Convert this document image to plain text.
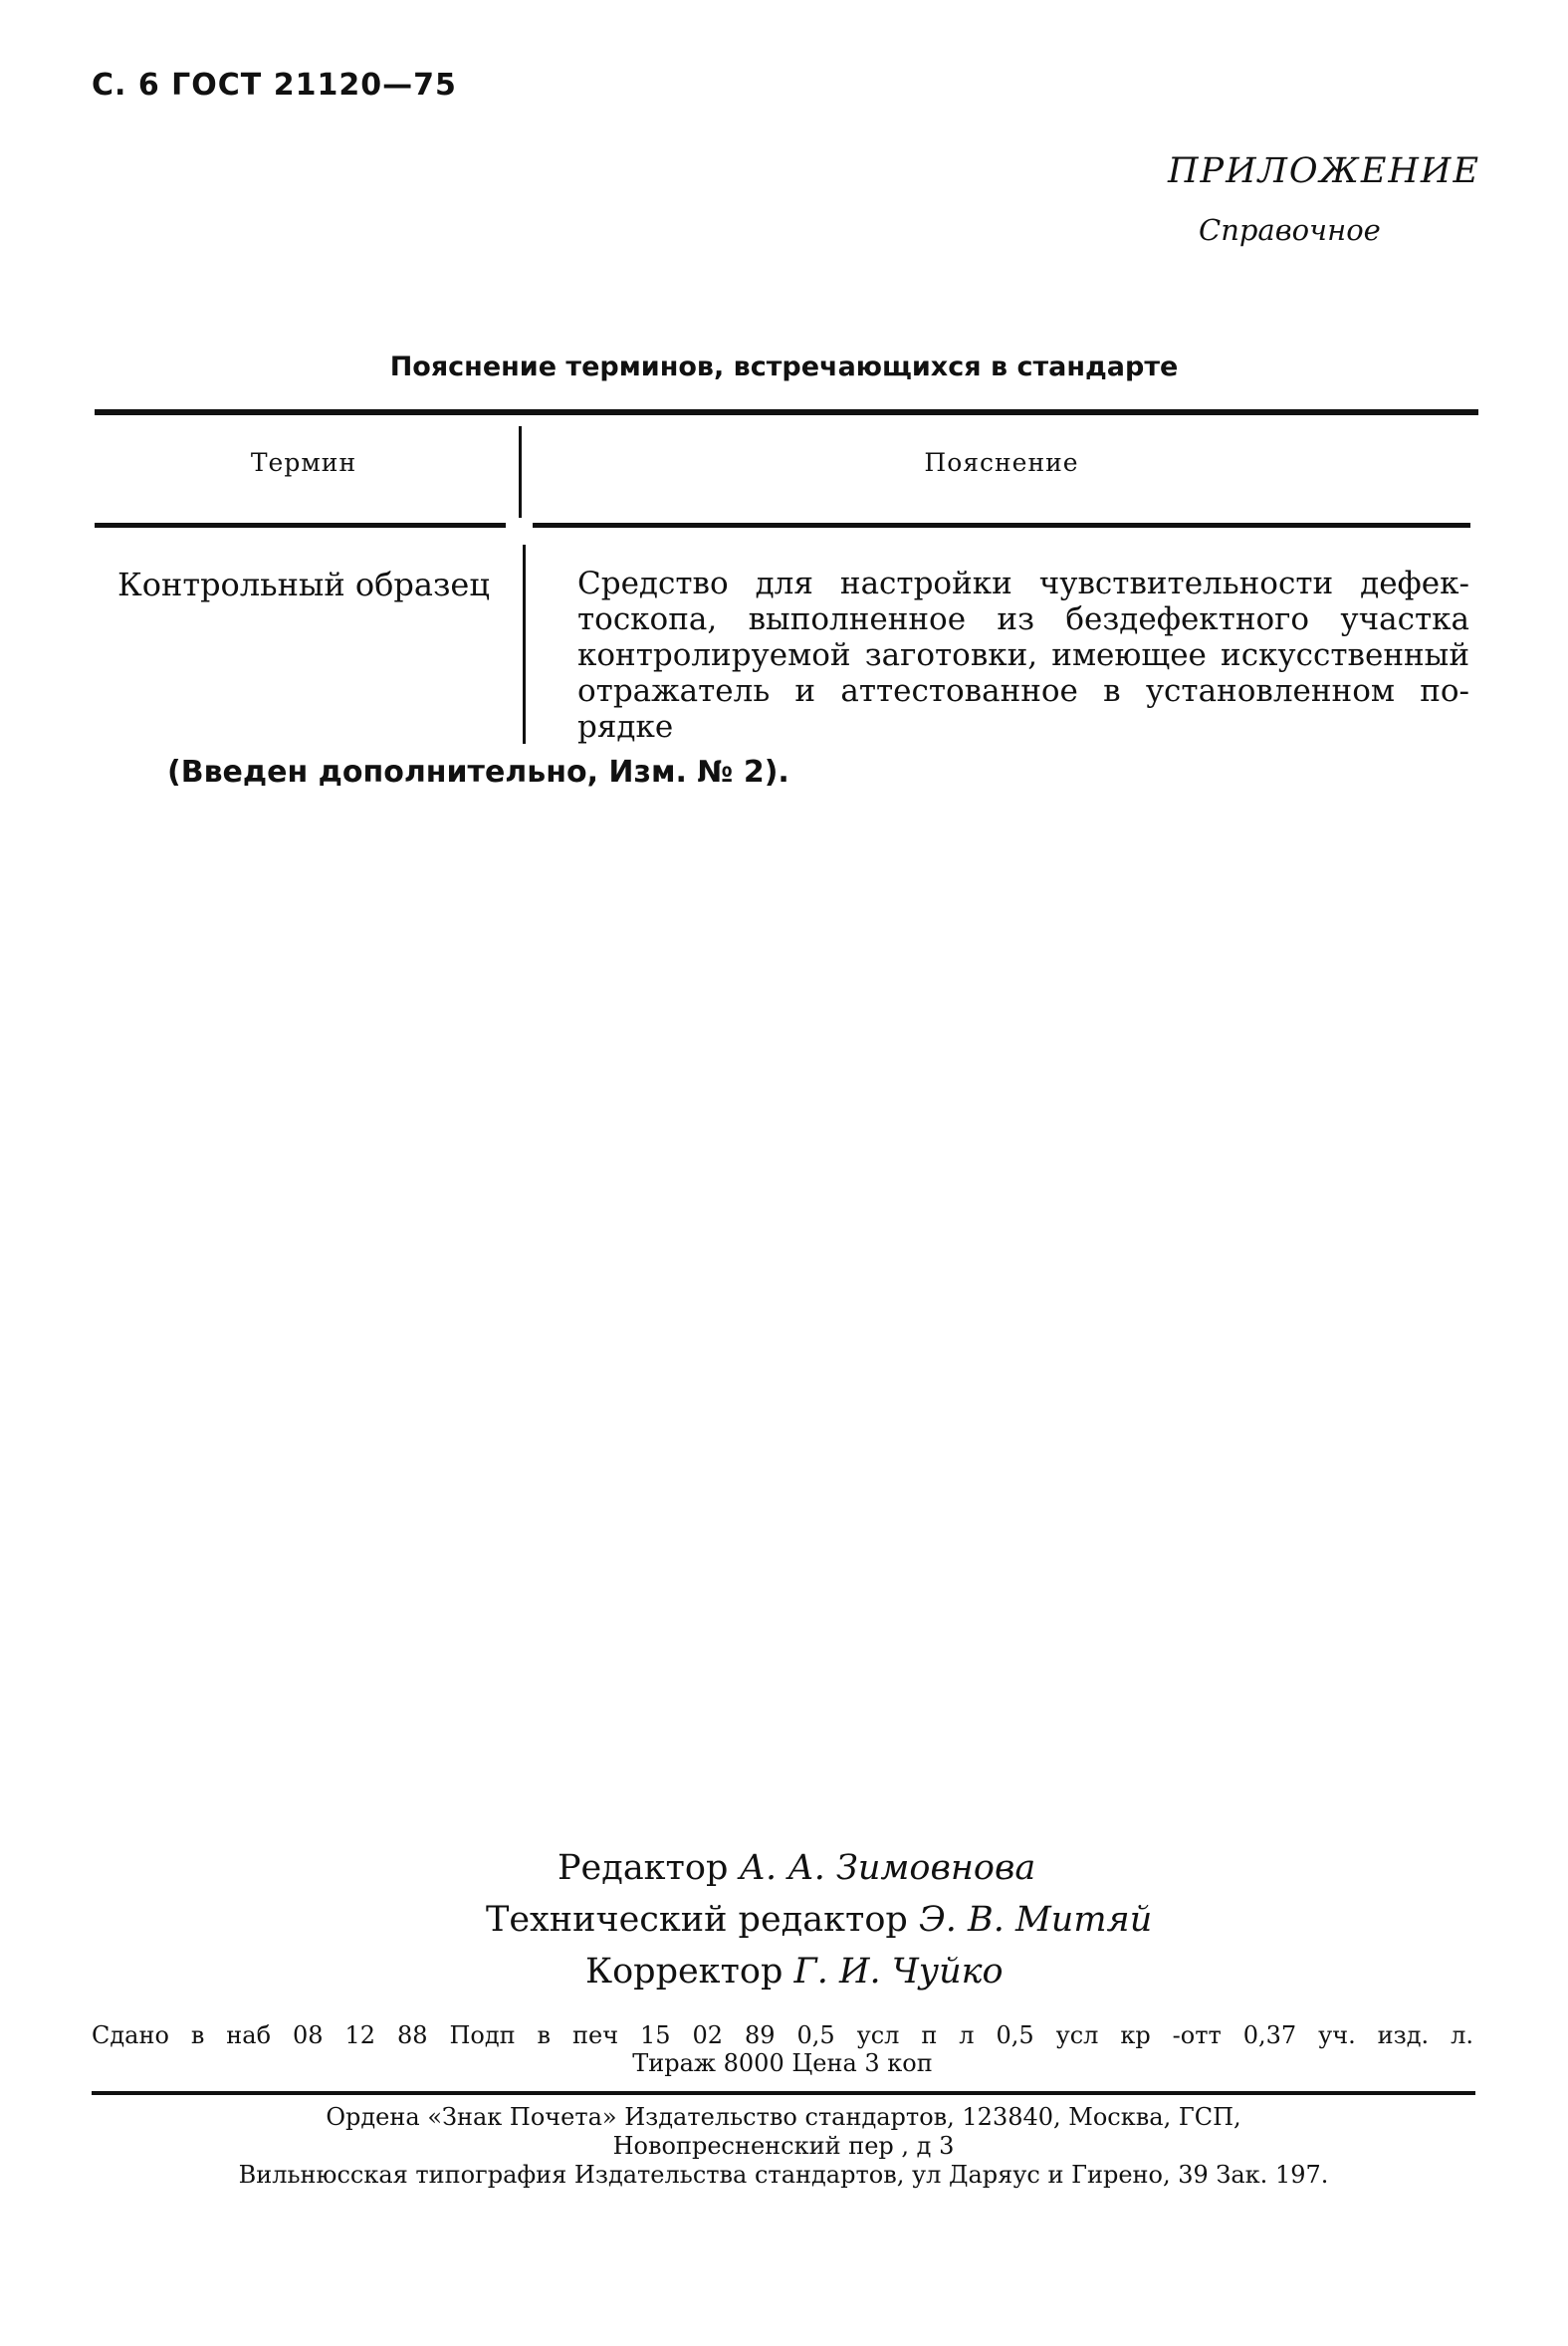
С. 6 ГОСТ 21120—75
ПРИЛОЖЕНИЕ
Справочное
Пояснение терминов, встречающихся в стандарте
Термин	Пояснение
Контрольный образец	Средство для настройки чувствительности дефек-
тоскопа, выполненное из бездефектного участка
контролируемой заготовки, имеющее искусственный
отражатель и аттестованное в установленном по-
рядке
(Введен дополнительно, Изм. № 2).
Редактор А. А. Зимовнова
Технический редактор Э. В. Митяй
Корректор Г. И. Чуйко
Сдано в наб 08 12 88 Подп в печ 15 02 89 0,5 усл п л 0,5 усл кр -отт 0,37 уч. изд. л.
Тираж 8000 Цена 3 коп
Ордена «Знак Почета» Издательство стандартов, 123840, Москва, ГСП,
Новопресненский пер , д 3
Вильнюсская типография Издательства стандартов, ул Даряус и Гирено, 39 Зак. 197.
